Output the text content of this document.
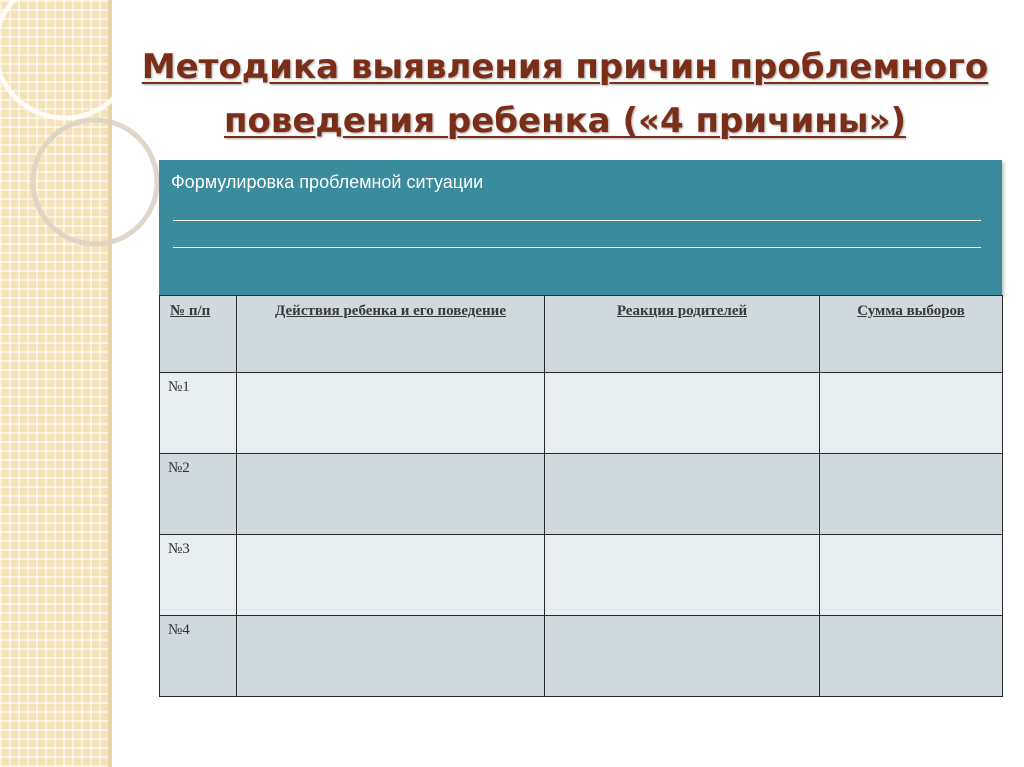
Методика выявления причин проблемного поведения ребенка («4 причины»)
Формулировка проблемной ситуации
№ п/п	Действия ребенка и его поведение	Реакция родителей	Сумма выборов
№1			
№2			
№3			
№4			
